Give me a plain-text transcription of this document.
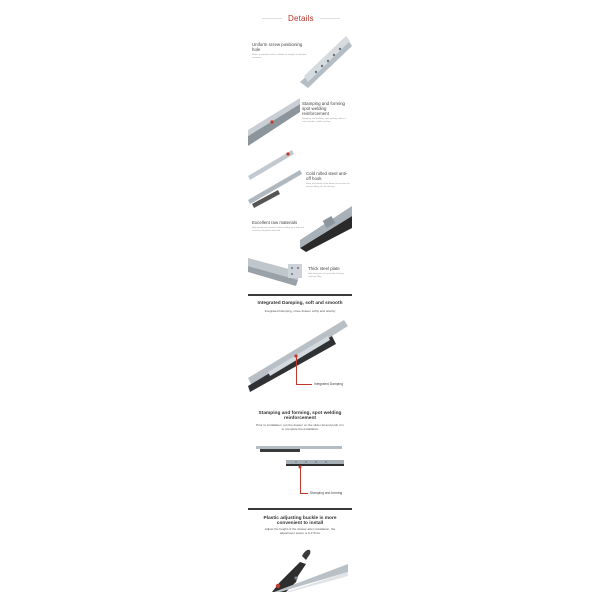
Details
Uniform screw positioning hole
Makes installation faster, suitable for multiple installation scenarios
Stamping and forming spot welding reinforcement
Stamping and welding, spot welding makes it more durable, stable and firm
Cold rolled steel anti-off hook
Hang the bottom of the drawer to prevent the drawer falling off and slanting
Excellent raw materials
High quality raw material, thicker rolling steel with anti-corrosive Zn-plated steel belt
Thick steel plate
High thickness of steel plate, bearing capacity 30kg
Integrated Damping, soft and smooth
Integrated Damping, close drawer softly and silently
Integrated Damping
Stamping and forming, spot welding reinforcement
Prior to installation, put the drawer on the slide rail and push it in to complete the installation
Stamping and forming
Plastic adjusting buckle is more convenient to install
Adjust the height of the drawer after installation, the adjustment space is 0-4.5mm
